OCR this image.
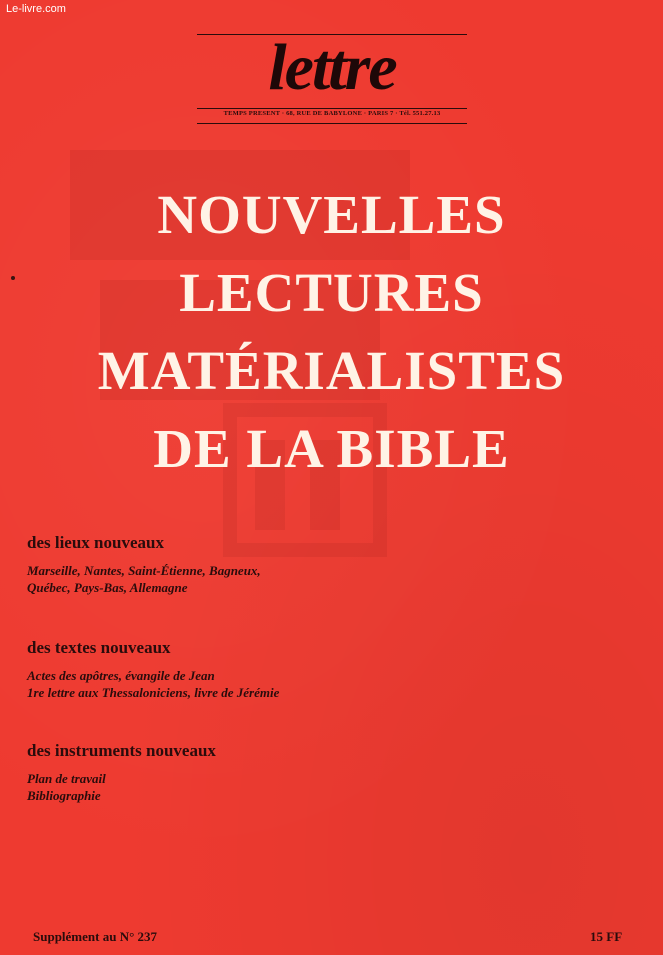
Le-livre.com
lettre
TEMPS PRESENT · 68, RUE DE BABYLONE · PARIS 7 · Tél. 551.27.13
NOUVELLES
LECTURES
MATÉRIALISTES
DE LA BIBLE

des lieux nouveaux

Marseille, Nantes, Saint-Étienne, Bagneux,
Québec, Pays-Bas, Allemagne

des textes nouveaux

Actes des apôtres, évangile de Jean
1re lettre aux Thessaloniciens, livre de Jérémie

des instruments nouveaux

Plan de travail
Bibliographie
Supplément au N° 237	15 FF
